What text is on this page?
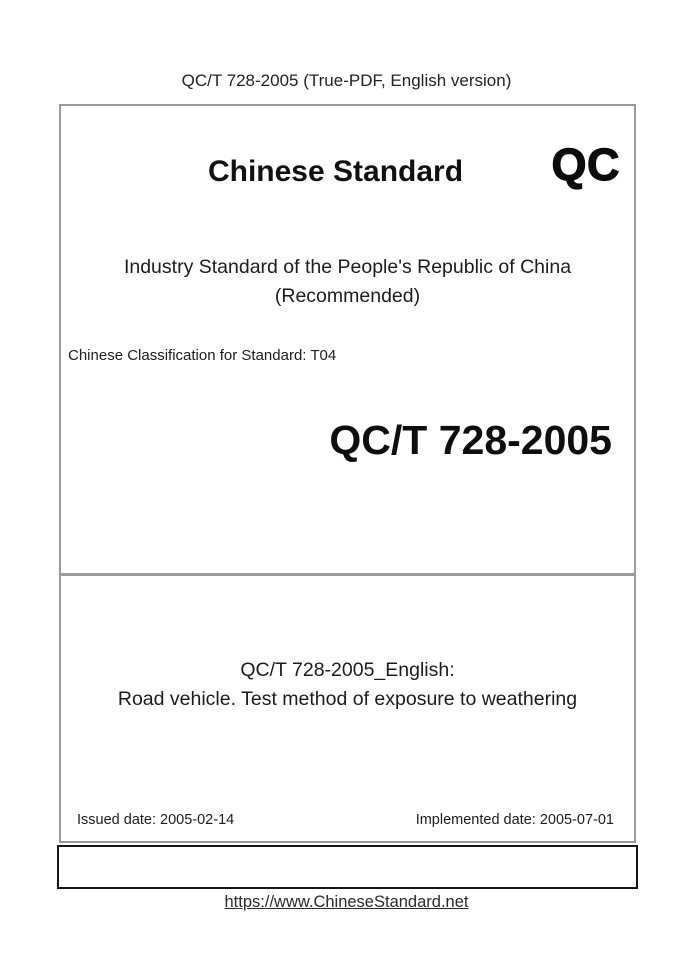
QC/T 728-2005 (True-PDF, English version)
Chinese Standard	QC
Industry Standard of the People's Republic of China
(Recommended)
Chinese Classification for Standard: T04
QC/T 728-2005
QC/T 728-2005_English:
Road vehicle. Test method of exposure to weathering
Issued date: 2005-02-14	Implemented date: 2005-07-01
https://www.ChineseStandard.net
